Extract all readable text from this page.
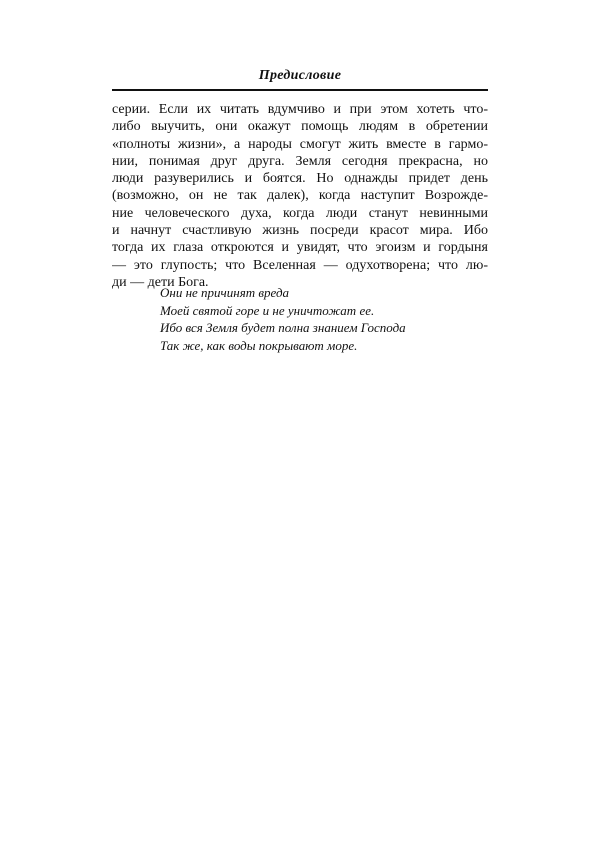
Предисловие
серии. Если их читать вдумчиво и при этом хотеть что-
либо выучить, они окажут помощь людям в обретении
«полноты жизни», а народы смогут жить вместе в гармо-
нии, понимая друг друга. Земля сегодня прекрасна, но
люди разуверились и боятся. Но однажды придет день
(возможно, он не так далек), когда наступит Возрожде-
ние человеческого духа, когда люди станут невинными
и начнут счастливую жизнь посреди красот мира. Ибо
тогда их глаза откроются и увидят, что эгоизм и гордыня
— это глупость; что Вселенная — одухотворена; что лю-
ди — дети Бога.
Они не причинят вреда
Моей святой горе и не уничтожат ее.
Ибо вся Земля будет полна знанием Господа
Так же, как воды покрывают море.
